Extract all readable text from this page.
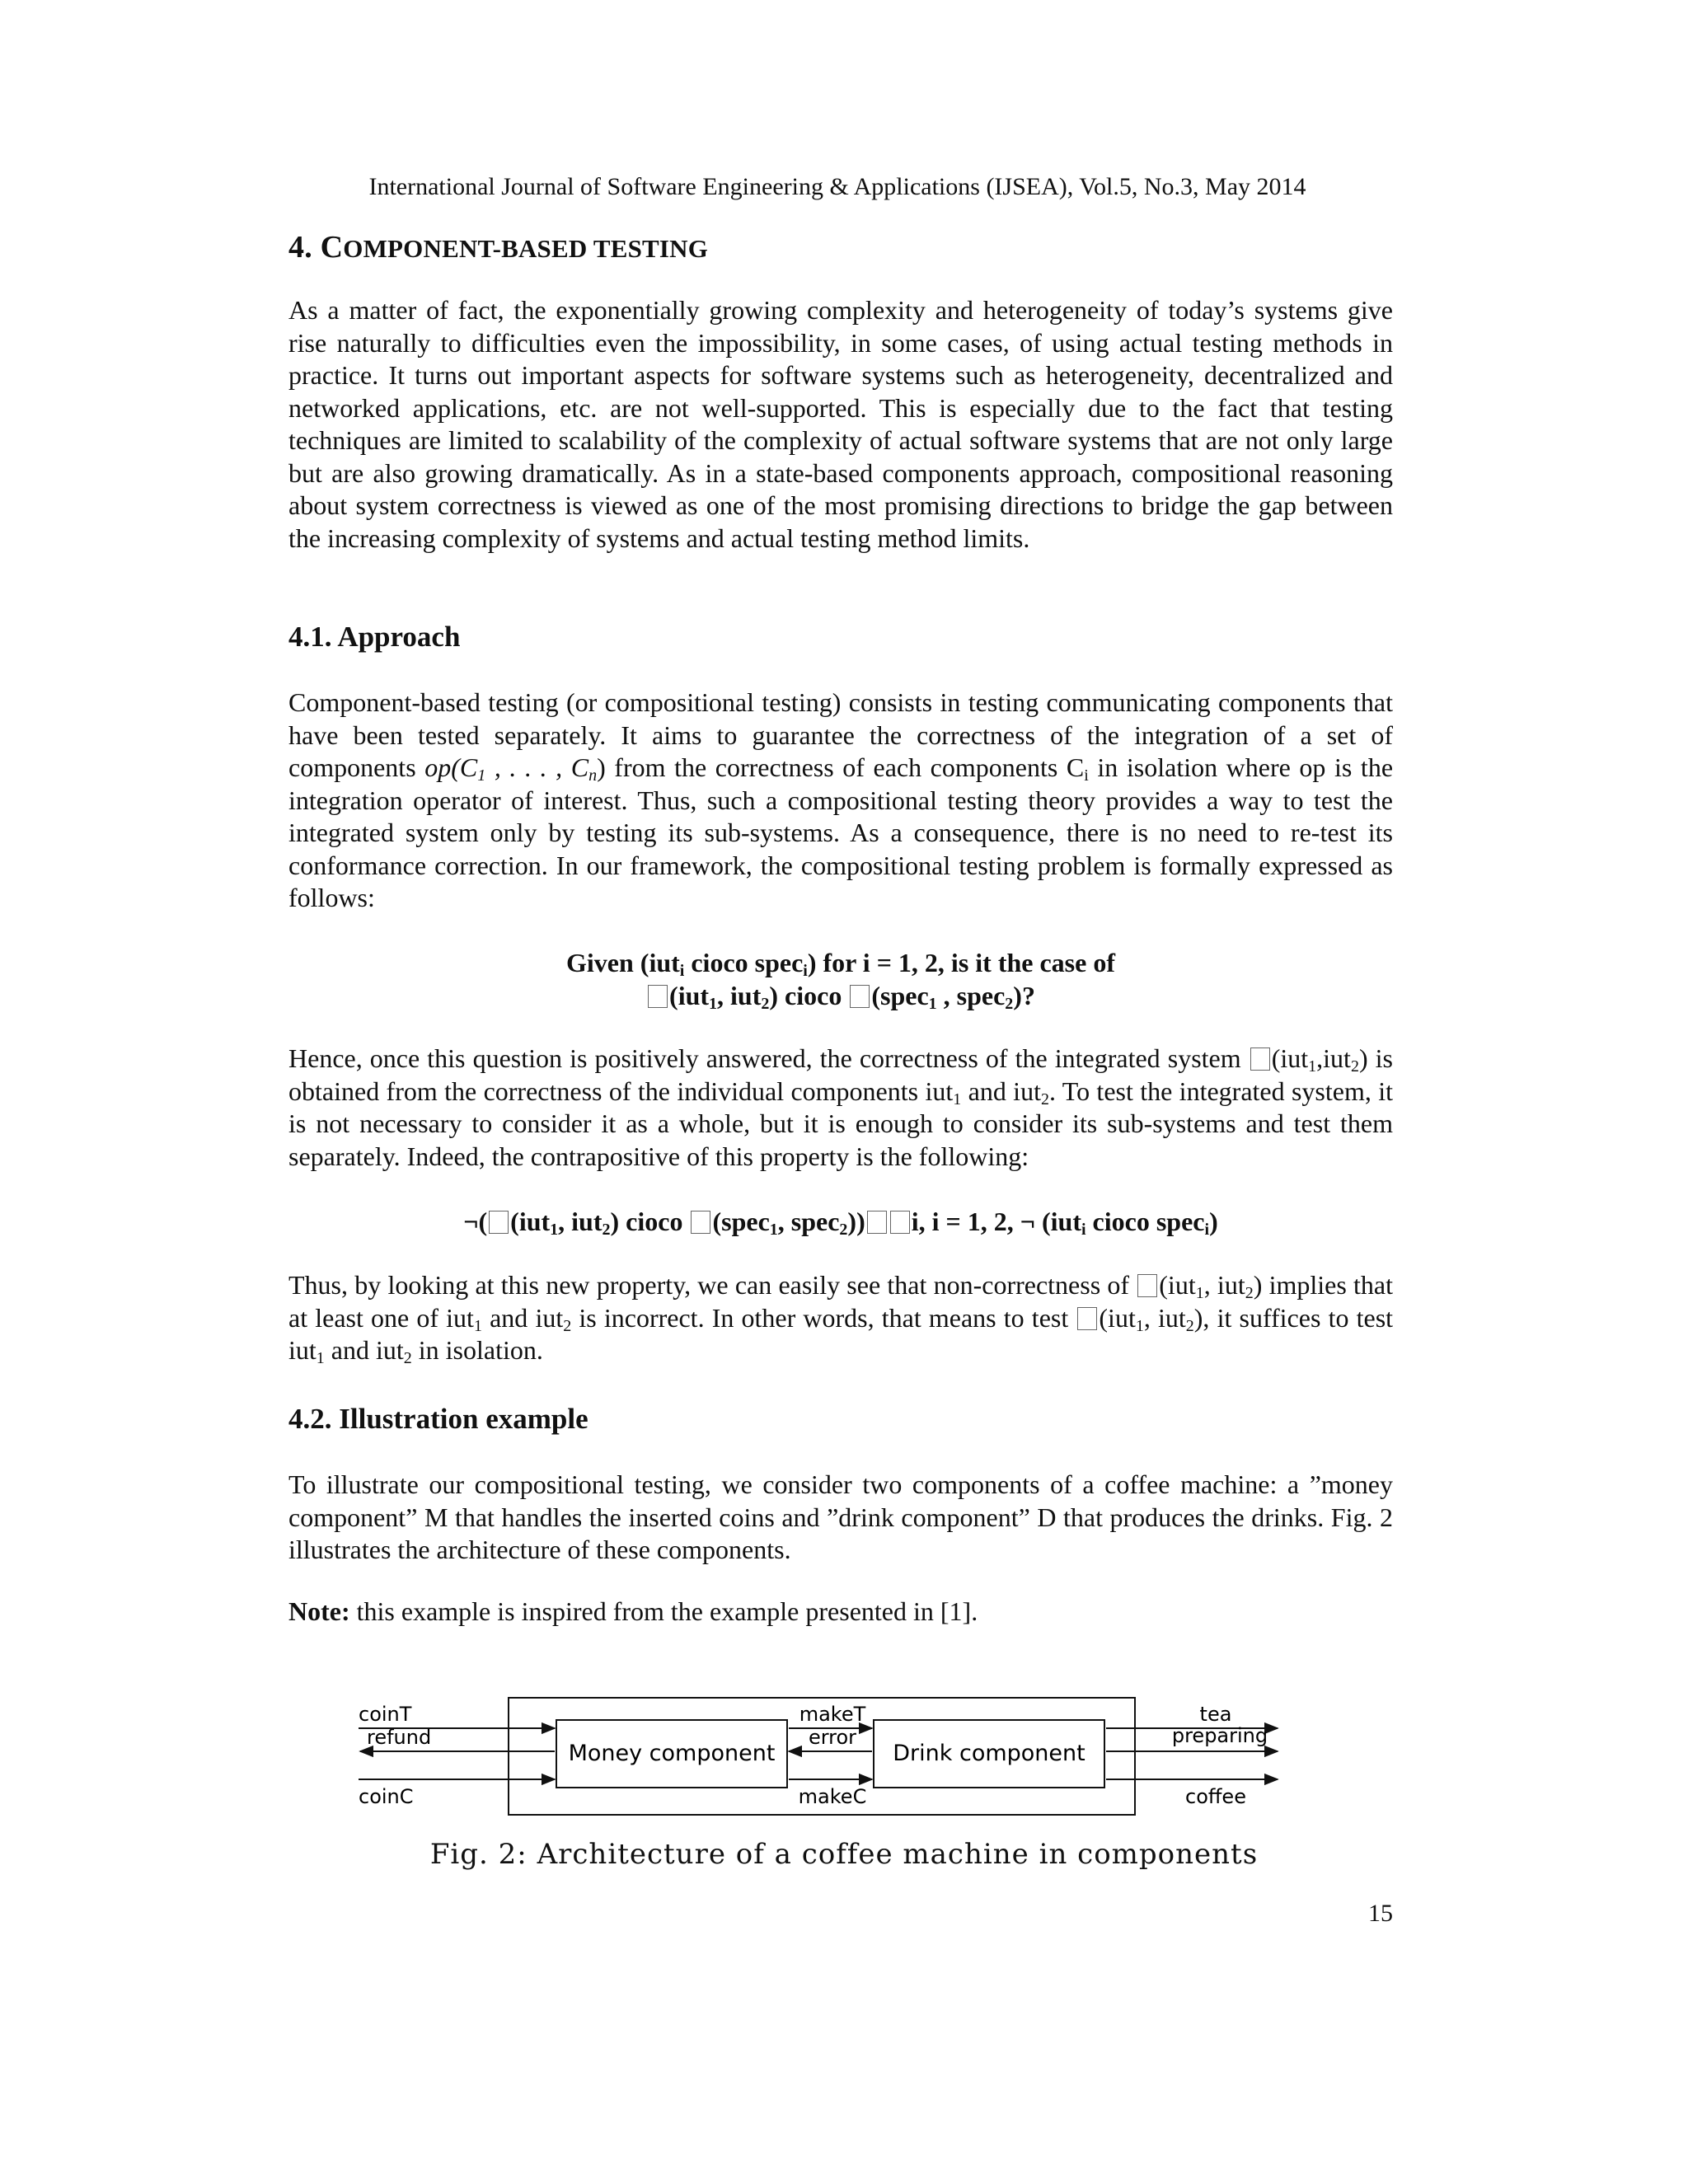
International Journal of Software Engineering & Applications (IJSEA), Vol.5, No.3, May 2014
4. COMPONENT-BASED TESTING

As a matter of fact, the exponentially growing complexity and heterogeneity of today’s systems give rise naturally to difficulties even the impossibility, in some cases, of using actual testing methods in practice. It turns out important aspects for software systems such as heterogeneity, decentralized and networked applications, etc. are not well-supported. This is especially due to the fact that testing techniques are limited to scalability of the complexity of actual software systems that are not only large but are also growing dramatically. As in a state-based components approach, compositional reasoning about system correctness is viewed as one of the most promising directions to bridge the gap between the increasing complexity of systems and actual testing method limits.

4.1. Approach

Component-based testing (or compositional testing) consists in testing communicating components that have been tested separately. It aims to guarantee the correctness of the integration of a set of components $op(C_1$ , . . . , $C_n$) from the correctness of each components $C_i$ in isolation where op is the integration operator of interest. Thus, such a compositional testing theory provides a way to test the integrated system only by testing its sub-systems. As a consequence, there is no need to re-test its conformance correction. In our framework, the compositional testing problem is formally expressed as follows:

Given (iut$_i$ cioco spec$_i$) for i = 1, 2, is it the case of
(iut$_1$, iut$_2$) cioco (spec$_1$ , spec$_2$)?

Hence, once this question is positively answered, the correctness of the integrated system (iut$_1$,iut$_2$) is obtained from the correctness of the individual components iut$_1$ and iut$_2$. To test the integrated system, it is not necessary to consider it as a whole, but it is enough to consider its sub-systems and test them separately. Indeed, the contrapositive of this property is the following:

¬( (iut$_1$, iut$_2$) cioco (spec$_1$, spec$_2$)) i, i = 1, 2, ¬ (iut$_i$ cioco spec$_i$)

Thus, by looking at this new property, we can easily see that non-correctness of (iut$_1$, iut$_2$) implies that at least one of iut$_1$ and iut$_2$ is incorrect. In other words, that means to test (iut$_1$, iut$_2$), it suffices to test iut$_1$ and iut$_2$ in isolation.

4.2. Illustration example

To illustrate our compositional testing, we consider two components of a coffee machine: a ”money component” M that handles the inserted coins and ”drink component” D that produces the drinks. Fig. 2 illustrates the architecture of these components.

Note: this example is inspired from the example presented in [1].

Money component	Drink component
coinT
refund
coinC
makeT
error
makeC
tea
preparing
coffee
Fig. 2: Architecture of a coffee machine in components
15
